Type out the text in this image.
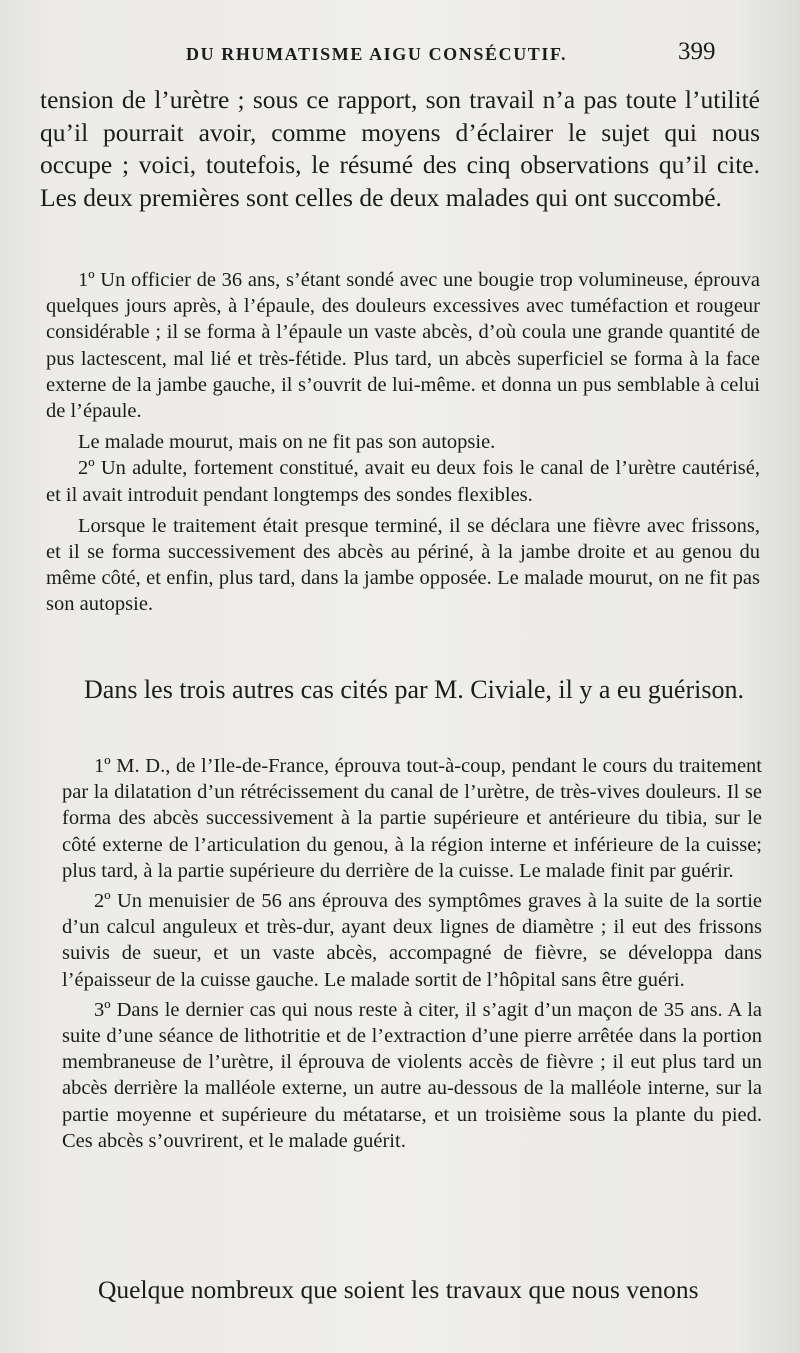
DU RHUMATISME AIGU CONSÉCUTIF.	399

tension de l’urètre ; sous ce rapport, son travail n’a pas toute l’utilité qu’il pourrait avoir, comme moyens d’éclairer le sujet qui nous occupe ; voici, toutefois, le résumé des cinq observations qu’il cite. Les deux premières sont celles de deux malades qui ont succombé.

1º Un officier de 36 ans, s’étant sondé avec une bougie trop volumineuse, éprouva quelques jours après, à l’épaule, des douleurs excessives avec tuméfaction et rougeur considérable ; il se forma à l’épaule un vaste abcès, d’où coula une grande quantité de pus lactescent, mal lié et très-fétide. Plus tard, un abcès superficiel se forma à la face externe de la jambe gauche, il s’ouvrit de lui-même. et donna un pus semblable à celui de l’épaule.

Le malade mourut, mais on ne fit pas son autopsie.

2º Un adulte, fortement constitué, avait eu deux fois le canal de l’urètre cautérisé, et il avait introduit pendant longtemps des sondes flexibles.

Lorsque le traitement était presque terminé, il se déclara une fièvre avec frissons, et il se forma successivement des abcès au périné, à la jambe droite et au genou du même côté, et enfin, plus tard, dans la jambe opposée. Le malade mourut, on ne fit pas son autopsie.

Dans les trois autres cas cités par M. Civiale, il y a eu guérison.

1º M. D., de l’Ile-de-France, éprouva tout-à-coup, pendant le cours du traitement par la dilatation d’un rétrécissement du canal de l’urètre, de très-vives douleurs. Il se forma des abcès successivement à la partie supérieure et antérieure du tibia, sur le côté externe de l’articulation du genou, à la région interne et inférieure de la cuisse; plus tard, à la partie supérieure du derrière de la cuisse. Le malade finit par guérir.

2º Un menuisier de 56 ans éprouva des symptômes graves à la suite de la sortie d’un calcul anguleux et très-dur, ayant deux lignes de diamètre ; il eut des frissons suivis de sueur, et un vaste abcès, accompagné de fièvre, se développa dans l’épaisseur de la cuisse gauche. Le malade sortit de l’hôpital sans être guéri.

3º Dans le dernier cas qui nous reste à citer, il s’agit d’un maçon de 35 ans. A la suite d’une séance de lithotritie et de l’extraction d’une pierre arrêtée dans la portion membraneuse de l’urètre, il éprouva de violents accès de fièvre ; il eut plus tard un abcès derrière la malléole externe, un autre au-dessous de la malléole interne, sur la partie moyenne et supérieure du métatarse, et un troisième sous la plante du pied. Ces abcès s’ouvrirent, et le malade guérit.

Quelque nombreux que soient les travaux que nous venons
